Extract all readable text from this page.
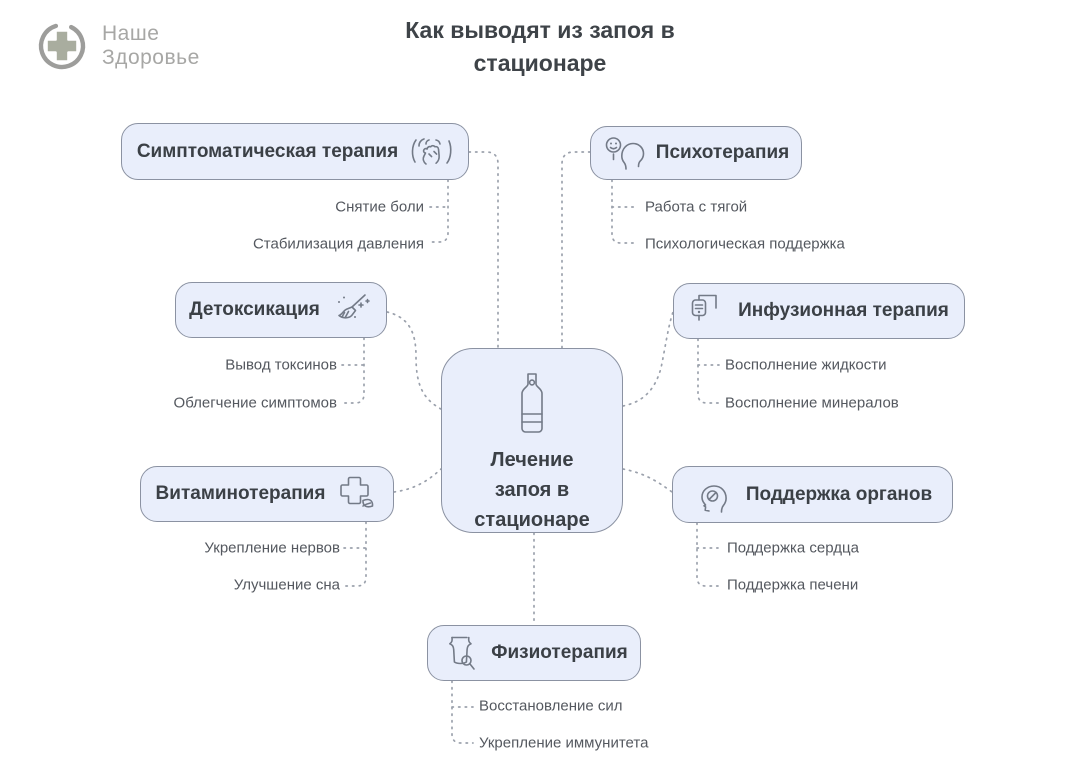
Наше
Здоровье
Как выводят из запоя в стационаре
Лечение запоя в стационаре
Симптоматическая терапия	Психотерапия
Детоксикация	Инфузионная терапия
Витаминотерапия	Поддержка органов
Физиотерапия
Снятие боли
Стабилизация давления
Работа с тягой
Психологическая поддержка
Вывод токсинов
Облегчение симптомов
Восполнение жидкости
Восполнение минералов
Укрепление нервов
Улучшение сна
Поддержка сердца
Поддержка печени
Восстановление сил
Укрепление иммунитета
